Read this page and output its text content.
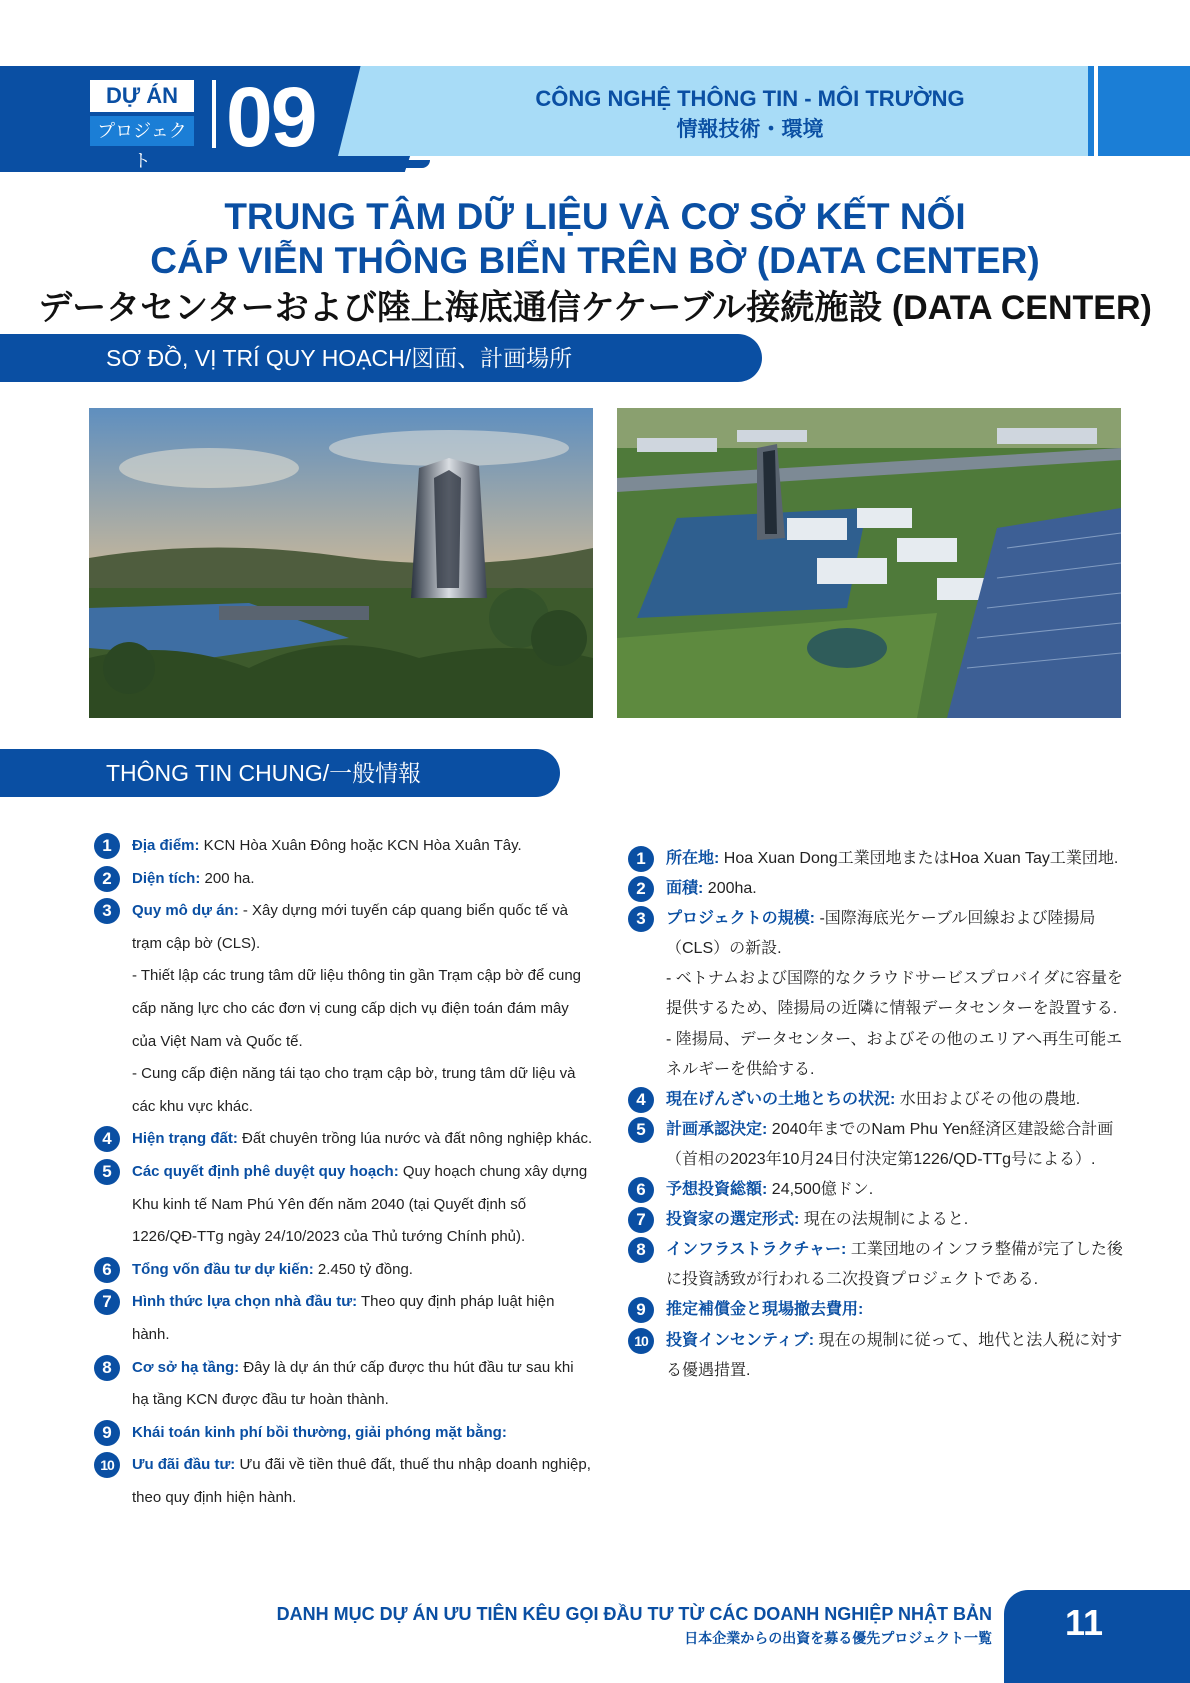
DỰ ÁN
プロジェクト 09	CÔNG NGHỆ THÔNG TIN - MÔI TRƯỜNG
情報技術・環境
TRUNG TÂM DỮ LIỆU VÀ CƠ SỞ KẾT NỐI
CÁP VIỄN THÔNG BIỂN TRÊN BỜ (DATA CENTER)
データセンターおよび陸上海底通信ケケーブル接続施設 (DATA CENTER)
SƠ ĐỒ, VỊ TRÍ QUY HOẠCH/図面、計画場所
THÔNG TIN CHUNG/一般情報
1	Địa điểm: KCN Hòa Xuân Đông hoặc KCN Hòa Xuân Tây.
2	Diện tích: 200 ha.
3	Quy mô dự án: - Xây dựng mới tuyến cáp quang biển quốc tế và trạm cập bờ (CLS).
- Thiết lập các trung tâm dữ liệu thông tin gần Trạm cập bờ để cung cấp năng lực cho các đơn vị cung cấp dịch vụ điện toán đám mây của Việt Nam và Quốc tế.
- Cung cấp điện năng tái tạo cho trạm cập bờ, trung tâm dữ liệu và các khu vực khác.
4	Hiện trạng đất: Đất chuyên trồng lúa nước và đất nông nghiệp khác.
5	Các quyết định phê duyệt quy hoạch: Quy hoạch chung xây dựng Khu kinh tế Nam Phú Yên đến năm 2040 (tại Quyết định số 1226/QĐ-TTg ngày 24/10/2023 của Thủ tướng Chính phủ).
6	Tổng vốn đầu tư dự kiến: 2.450 tỷ đồng.
7	Hình thức lựa chọn nhà đầu tư: Theo quy định pháp luật hiện hành.
8	Cơ sở hạ tầng: Đây là dự án thứ cấp được thu hút đầu tư sau khi hạ tầng KCN được đầu tư hoàn thành.
9	Khái toán kinh phí bồi thường, giải phóng mặt bằng:
10	Ưu đãi đầu tư: Ưu đãi về tiền thuê đất, thuế thu nhập doanh nghiệp, theo quy định hiện hành.
1	所在地: Hoa Xuan Dong工業団地またはHoa Xuan Tay工業団地.
2	面積: 200ha.
3	プロジェクトの規模: -国際海底光ケーブル回線および陸揚局（CLS）の新設.
- ベトナムおよび国際的なクラウドサービスプロバイダに容量を提供するため、陸揚局の近隣に情報データセンターを設置する.
- 陸揚局、データセンター、およびその他のエリアへ再生可能エネルギーを供給する.
4	現在げんざいの土地とちの状況: 水田およびその他の農地.
5	計画承認決定: 2040年までのNam Phu Yen経済区建設総合計画（首相の2023年10月24日付決定第1226/QD-TTg号による）.
6	予想投資総額: 24,500億ドン.
7	投資家の選定形式: 現在の法規制によると.
8	インフラストラクチャー: 工業団地のインフラ整備が完了した後に投資誘致が行われる二次投資プロジェクトである.
9	推定補償金と現場撤去費用:
10	投資インセンティブ: 現在の規制に従って、地代と法人税に対する優遇措置.
DANH MỤC DỰ ÁN ƯU TIÊN KÊU GỌI ĐẦU TƯ TỪ CÁC DOANH NGHIỆP NHẬT BẢN
日本企業からの出資を募る優先プロジェクト一覧	11
